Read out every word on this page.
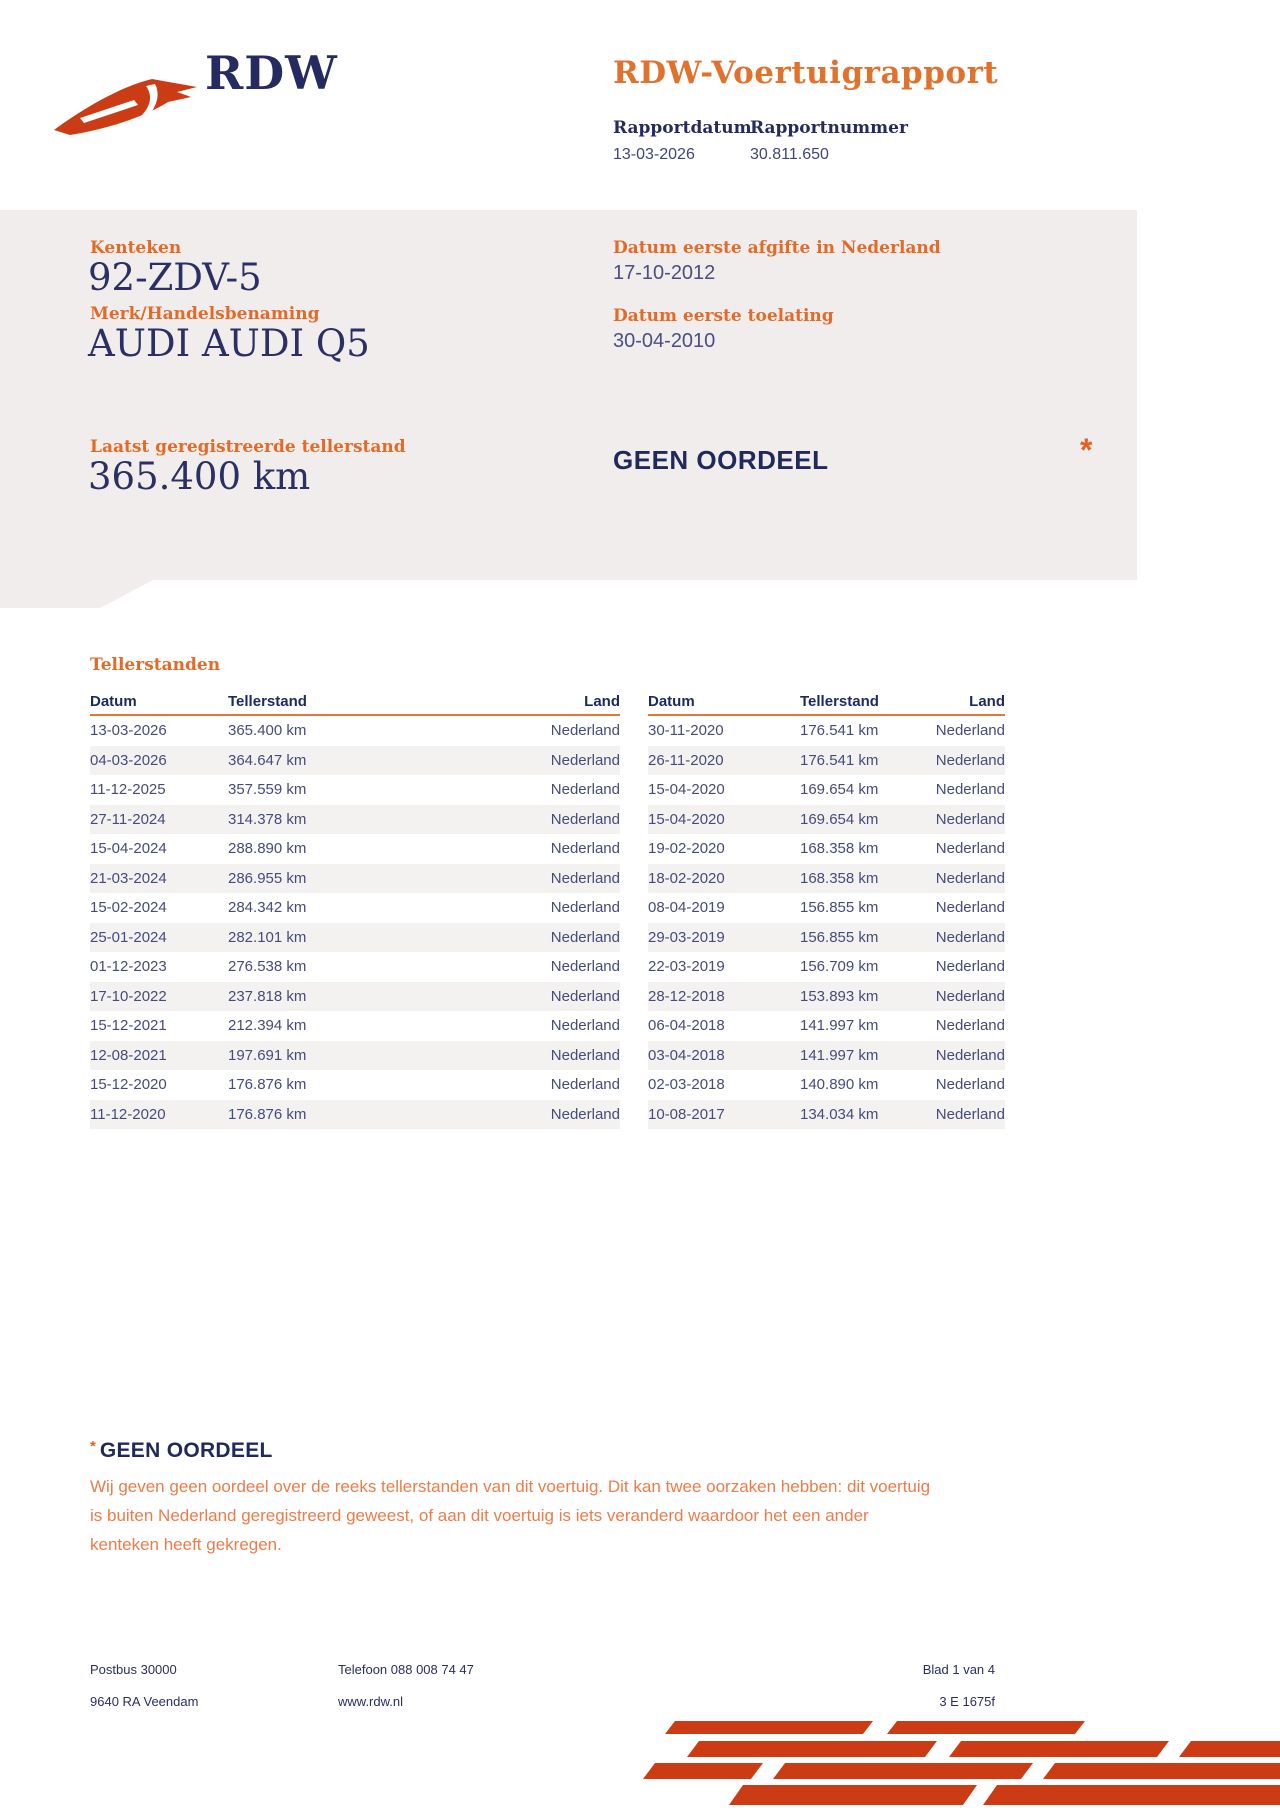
RDW	RDW-Voertuigrapport
Rapportdatum
Rapportnummer
13-03-2026	30.811.650
Kenteken
92-ZDV-5
Merk/Handelsbenaming
AUDI AUDI Q5
Datum eerste afgifte in Nederland
17-10-2012
Datum eerste toelating
30-04-2010
GEEN OORDEEL	*
Laatst geregistreerde tellerstand
365.400 km
Tellerstanden
Datum	Tellerstand	Land
13-03-2026	365.400 km	Nederland
04-03-2026	364.647 km	Nederland
11-12-2025	357.559 km	Nederland
27-11-2024	314.378 km	Nederland
15-04-2024	288.890 km	Nederland
21-03-2024	286.955 km	Nederland
15-02-2024	284.342 km	Nederland
25-01-2024	282.101 km	Nederland
01-12-2023	276.538 km	Nederland
17-10-2022	237.818 km	Nederland
15-12-2021	212.394 km	Nederland
12-08-2021	197.691 km	Nederland
15-12-2020	176.876 km	Nederland
11-12-2020	176.876 km	Nederland
Datum	Tellerstand	Land
30-11-2020	176.541 km	Nederland
26-11-2020	176.541 km	Nederland
15-04-2020	169.654 km	Nederland
15-04-2020	169.654 km	Nederland
19-02-2020	168.358 km	Nederland
18-02-2020	168.358 km	Nederland
08-04-2019	156.855 km	Nederland
29-03-2019	156.855 km	Nederland
22-03-2019	156.709 km	Nederland
28-12-2018	153.893 km	Nederland
06-04-2018	141.997 km	Nederland
03-04-2018	141.997 km	Nederland
02-03-2018	140.890 km	Nederland
10-08-2017	134.034 km	Nederland
* GEEN OORDEEL
Wij geven geen oordeel over de reeks tellerstanden van dit voertuig. Dit kan twee oorzaken hebben: dit voertuig is buiten Nederland geregistreerd geweest, of aan dit voertuig is iets veranderd waardoor het een ander kenteken heeft gekregen.
Postbus 30000
9640 RA Veendam
Telefoon 088 008 74 47
www.rdw.nl
Blad 1 van 4
3 E 1675f
